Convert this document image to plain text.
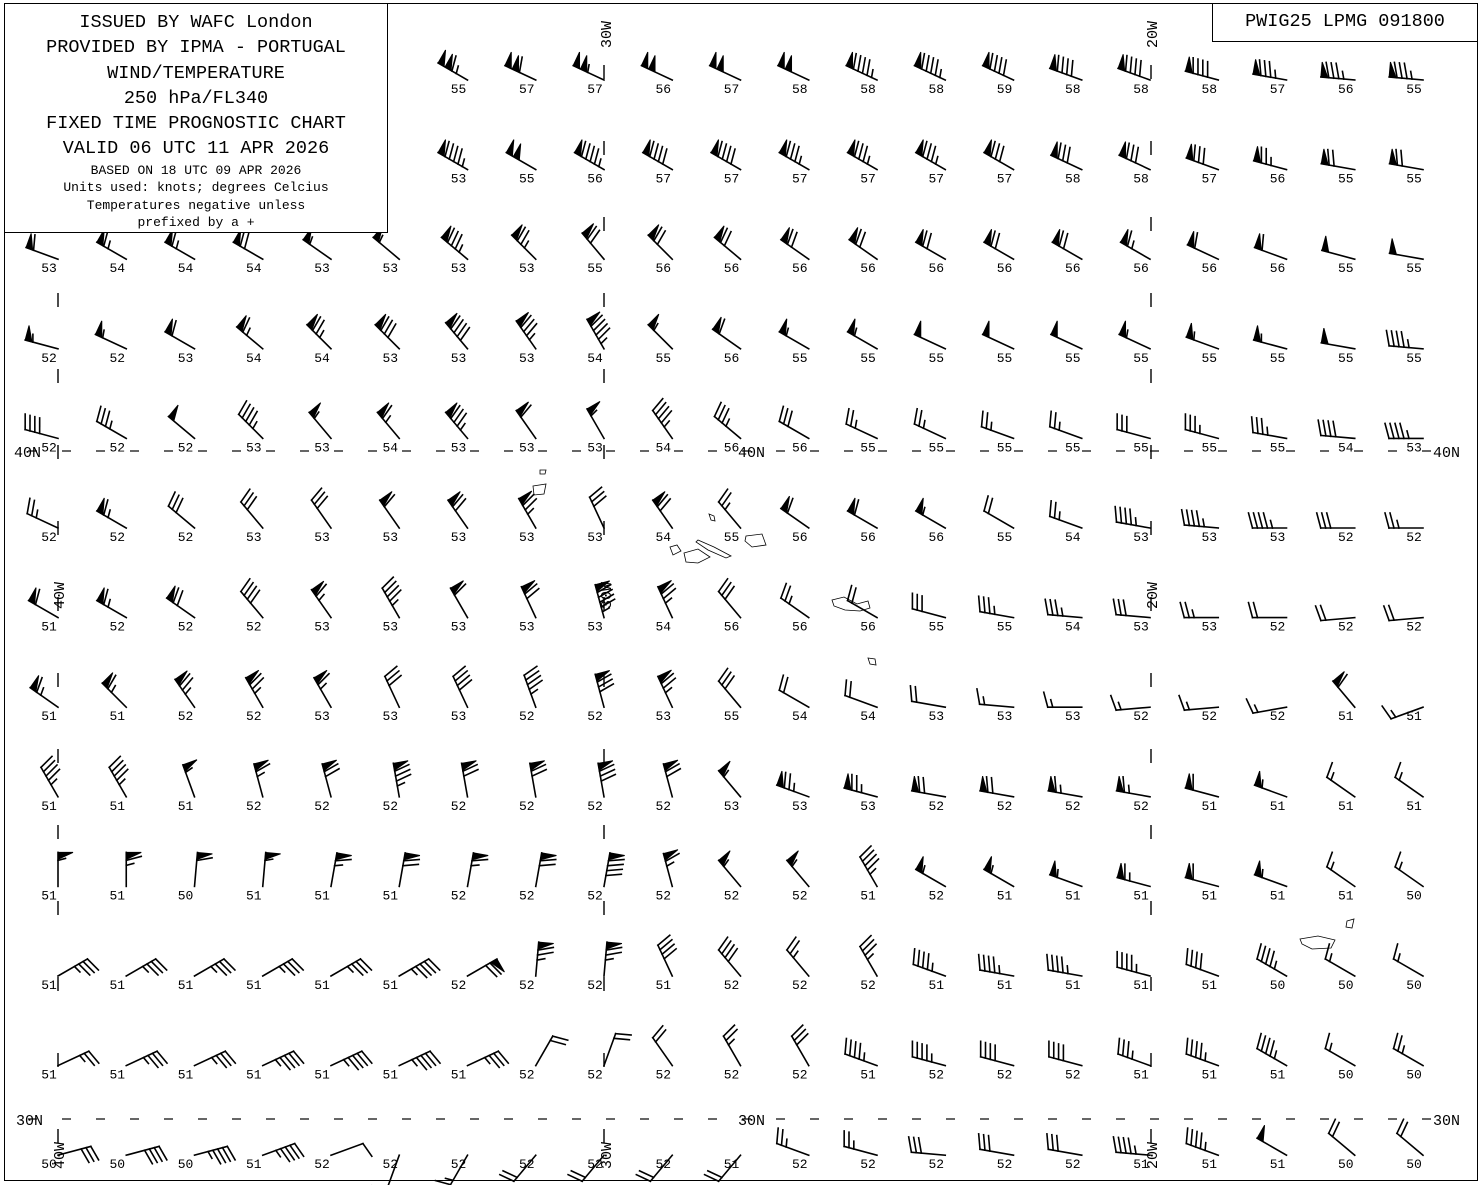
55	57	57	56	57	58	58	58	59	58	58	58	57	56	55
53	55	56	57	57	57	57	57	57	58	58	57	56	55	55
53	54	54	54	53	53	53	53	55	56	56	56	56	56	56	56	56	56	56	55	55
52	52	53	54	54	53	53	53	54	55	56	55	55	55	55	55	55	55	55	55	55
52	52	52	53	53	54	53	53	53	54	56	56	55	55	55	55	55	55	55	54	53
52	52	52	53	53	53	53	53	53	54	55	56	56	56	55	54	53	53	53	52	52
51	52	52	52	53	53	53	53	53	54	56	56	56	55	55	54	53	53	52	52	52
51	51	52	52	53	53	53	52	52	53	55	54	54	53	53	53	52	52	52	51	51
51	51	51	52	52	52	52	52	52	52	53	53	53	52	52	52	52	51	51	51	51
51	51	50	51	51	51	52	52	52	52	52	52	51	52	51	51	51	51	51	51	50
51	51	51	51	51	51	52	52	52	51	52	52	52	51	51	51	51	51	50	50	50
51	51	51	51	51	51	51	52	52	52	52	52	51	52	52	52	51	51	51	50	50
50	50	50	51	52	52	52	52	52	52	51	52	52	52	52	52	51	51	51	50	50
30W	20W
40W	30W	20W
40W	30W	20W
40N	40N	40N
30N	30N	30N
ISSUED BY WAFC London
PROVIDED BY IPMA - PORTUGAL
WIND/TEMPERATURE
250 hPa/FL340
FIXED TIME PROGNOSTIC CHART
VALID 06 UTC 11 APR 2026
BASED ON 18 UTC 09 APR 2026
Units used: knots; degrees Celcius
Temperatures negative unless
prefixed by a +
PWIG25 LPMG 091800
